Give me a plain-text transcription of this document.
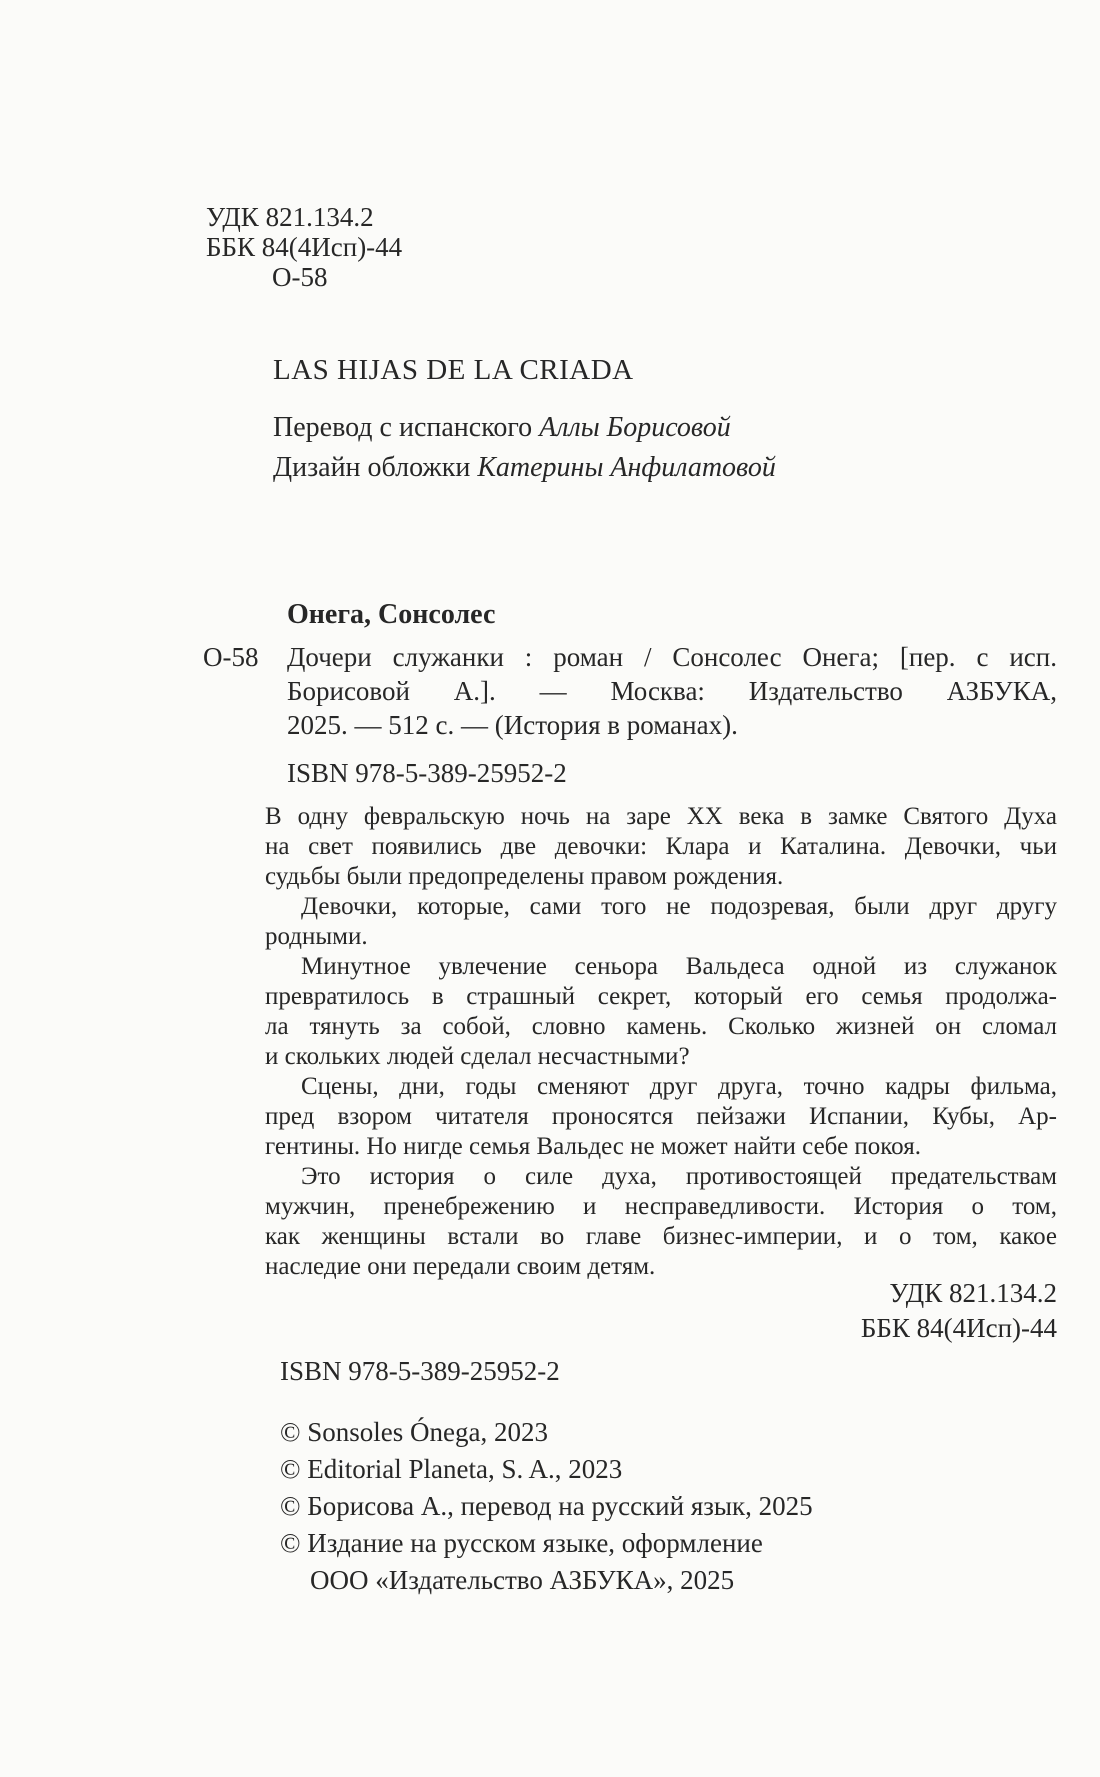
УДК 821.134.2
ББК 84(4Исп)-44
О-58
LAS HIJAS DE LA CRIADA
Перевод с испанского Аллы Борисовой
Дизайн обложки Катерины Анфилатовой
Онега, Сонсолес
О-58 Дочери служанки : роман / Сонсолес Онега; [пер. с исп.
Борисовой А.]. — Москва: Издательство АЗБУКА,
2025. — 512 с. — (История в романах).
ISBN 978-5-389-25952-2
В одну февральскую ночь на заре XX века в замке Святого Духа
на свет появились две девочки: Клара и Каталина. Девочки, чьи
судьбы были предопределены правом рождения.
Девочки, которые, сами того не подозревая, были друг другу
родными.
Минутное увлечение сеньора Вальдеса одной из служанок
превратилось в страшный секрет, который его семья продолжа-
ла тянуть за собой, словно камень. Сколько жизней он сломал
и скольких людей сделал несчастными?
Сцены, дни, годы сменяют друг друга, точно кадры фильма,
пред взором читателя проносятся пейзажи Испании, Кубы, Ар-
гентины. Но нигде семья Вальдес не может найти себе покоя.
Это история о силе духа, противостоящей предательствам
мужчин, пренебрежению и несправедливости. История о том,
как женщины встали во главе бизнес-империи, и о том, какое
наследие они передали своим детям.
УДК 821.134.2
ББК 84(4Исп)-44
ISBN 978-5-389-25952-2
© Sonsoles Ónega, 2023
© Editorial Planeta, S. A., 2023
© Борисова А., перевод на русский язык, 2025
© Издание на русском языке, оформление
ООО «Издательство АЗБУКА», 2025
